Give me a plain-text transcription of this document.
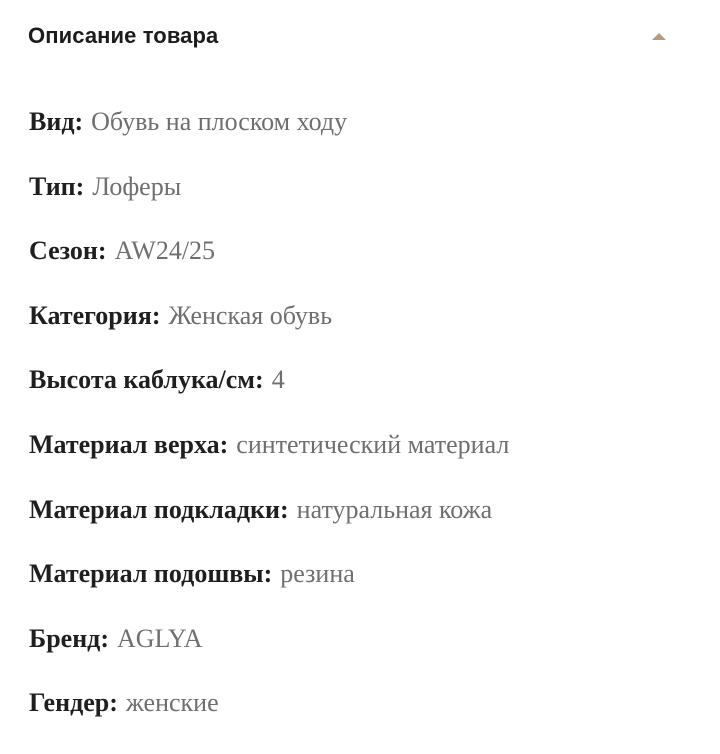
Описание товара
Вид: Обувь на плоском ходу
Тип: Лоферы
Сезон: AW24/25
Категория: Женская обувь
Высота каблука/см: 4
Материал верха: синтетический материал
Материал подкладки: натуральная кожа
Материал подошвы: резина
Бренд: AGLYA
Гендер: женские
